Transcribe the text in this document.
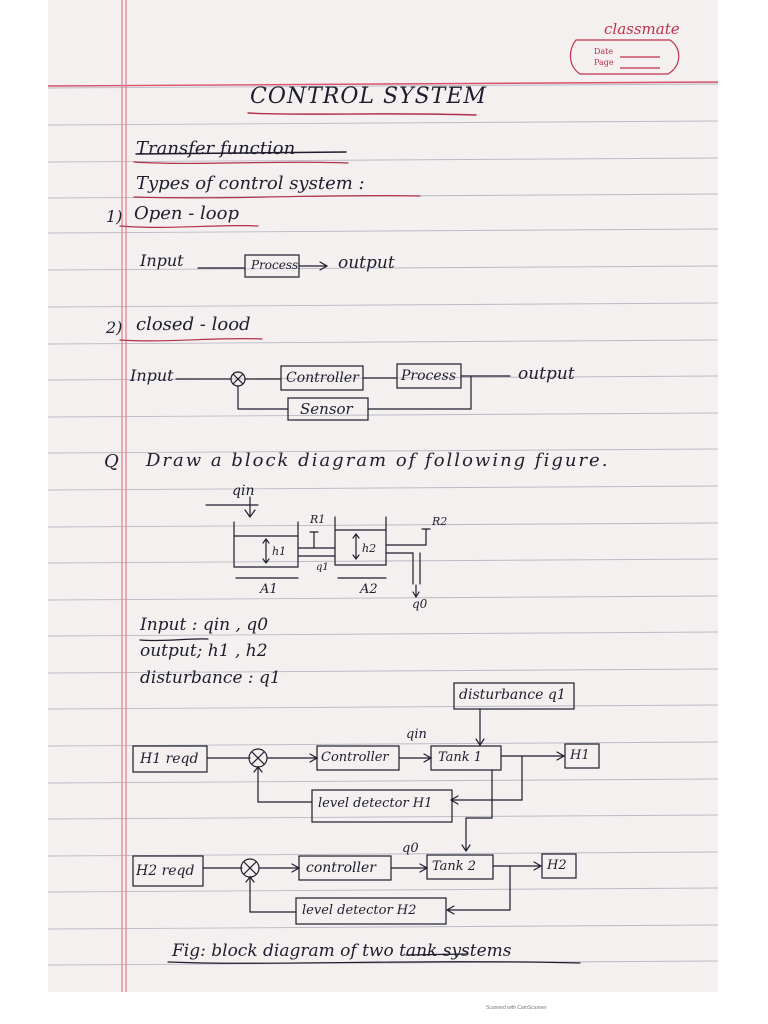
classmate
Date
Page
CONTROL SYSTEM
Transfer function
Types of control system :
1) Open - loop
Input	Process output
2) closed - lood
Input	Controller	Process	output
Sensor
Q Draw a block diagram of following figure.
qin
R1	R2
h1	h2
q1
A1	A2
q0
Input : qin , q0
output; h1 , h2
disturbance : q1
disturbance q1
H1 reqd	Controller
qin
Tank 1	H1
level detector H1
H2 reqd	controller
q0
Tank 2	H2
level detector H2
Fig: block diagram of two tank systems
Scanned with CamScanner
